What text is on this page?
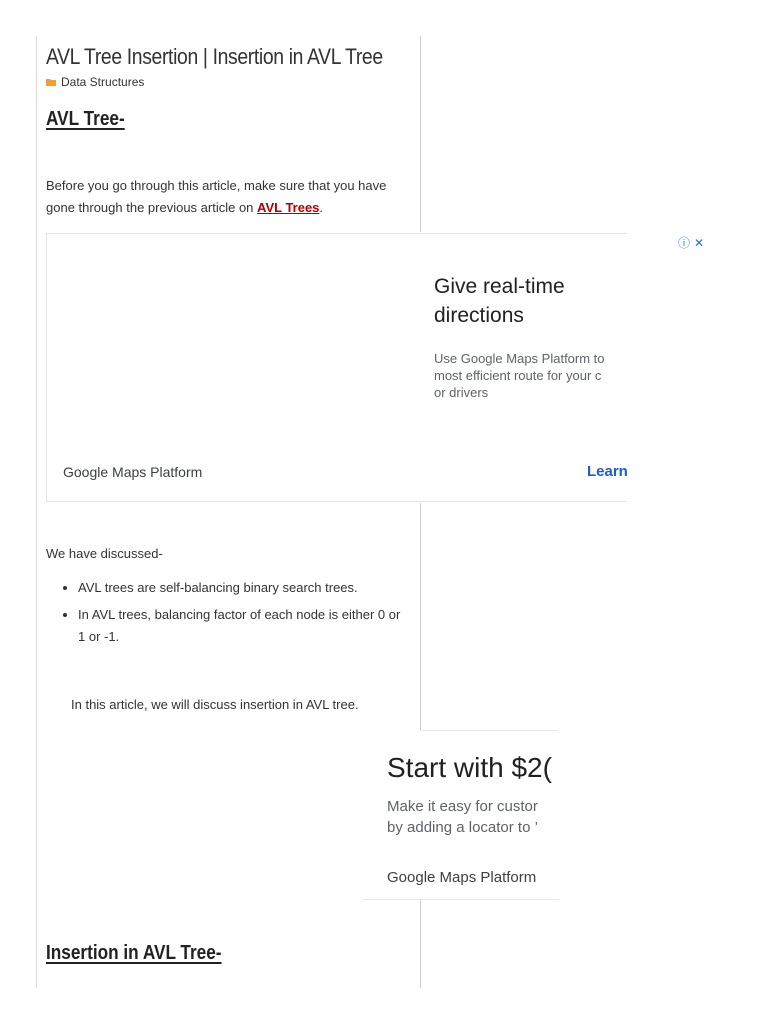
AVL Tree Insertion | Insertion in AVL Tree
Data Structures
AVL Tree-

Before you go through this article, make sure that you have gone through the previous article on AVL Trees.

ⓘ ✕

Give real-time directions

Use Google Maps Platform to
most efficient route for your c
or drivers

Google Maps Platform	Learn

We have discussed-

• AVL trees are self-balancing binary search trees.
• In AVL trees, balancing factor of each node is either 0 or 1 or -1.

In this article, we will discuss insertion in AVL tree.

Start with $2(

Make it easy for custor
by adding a locator to ’

Google Maps Platform
Insertion in AVL Tree-
